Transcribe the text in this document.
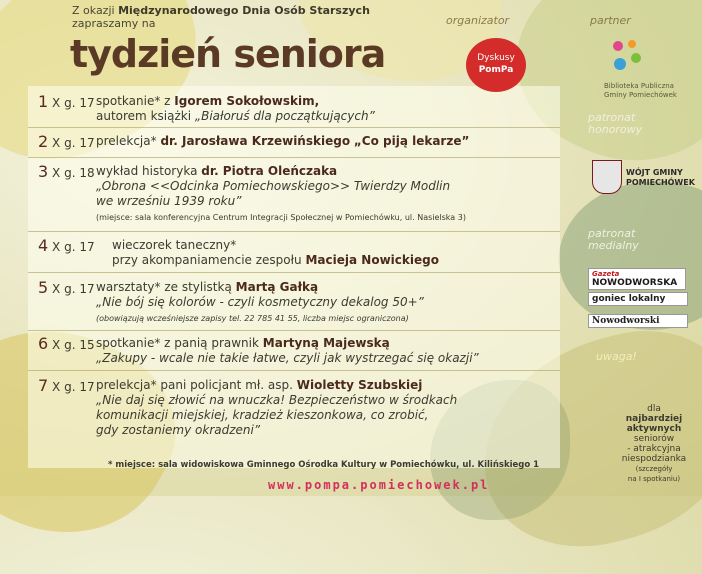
Z okazji Międzynarodowego Dnia Osób Starszych
zapraszamy na
tydzień seniora
1 X g. 17 spotkanie* z Igorem Sokołowskim,
autorem książki „Białoruś dla początkujących”
2 X g. 17 prelekcja* dr. Jarosława Krzewińskiego „Co piją lekarze”
3 X g. 18 wykład historyka dr. Piotra Oleńczaka
„Obrona <<Odcinka Pomiechowskiego>> Twierdzy Modlin
we wrześniu 1939 roku”
(miejsce: sala konferencyjna Centrum Integracji Społecznej w Pomiechówku, ul. Nasielska 3)
4 X g. 17 wieczorek taneczny*
przy akompaniamencie zespołu Macieja Nowickiego
5 X g. 17 warsztaty* ze stylistką Martą Gałką
„Nie bój się kolorów - czyli kosmetyczny dekalog 50+”
(obowiązują wcześniejsze zapisy tel. 22 785 41 55, liczba miejsc ograniczona)
6 X g. 15 spotkanie* z panią prawnik Martyną Majewską
„Zakupy - wcale nie takie łatwe, czyli jak wystrzegać się okazji”
7 X g. 17 prelekcja* pani policjant mł. asp. Wioletty Szubskiej
„Nie daj się złowić na wnuczka! Bezpieczeństwo w środkach
komunikacji miejskiej, kradzież kieszonkowa, co zrobić,
gdy zostaniemy okradzeni”
* miejsce: sala widowiskowa Gminnego Ośrodka Kultury w Pomiechówku, ul. Kilińskiego 1
www.pompa.pomiechowek.pl
organizator
Dyskusy
PomPa
partner
Biblioteka Publiczna
Gminy Pomiechówek
patronat
honorowy
WÓJT GMINY
POMIECHÓWEK
patronat
medialny
Gazeta
NOWODWORSKA
goniec lokalny
Nowodworski
uwaga!
dla
najbardziej
aktywnych
seniorów
- atrakcyjna
niespodzianka
(szczegóły
na I spotkaniu)
